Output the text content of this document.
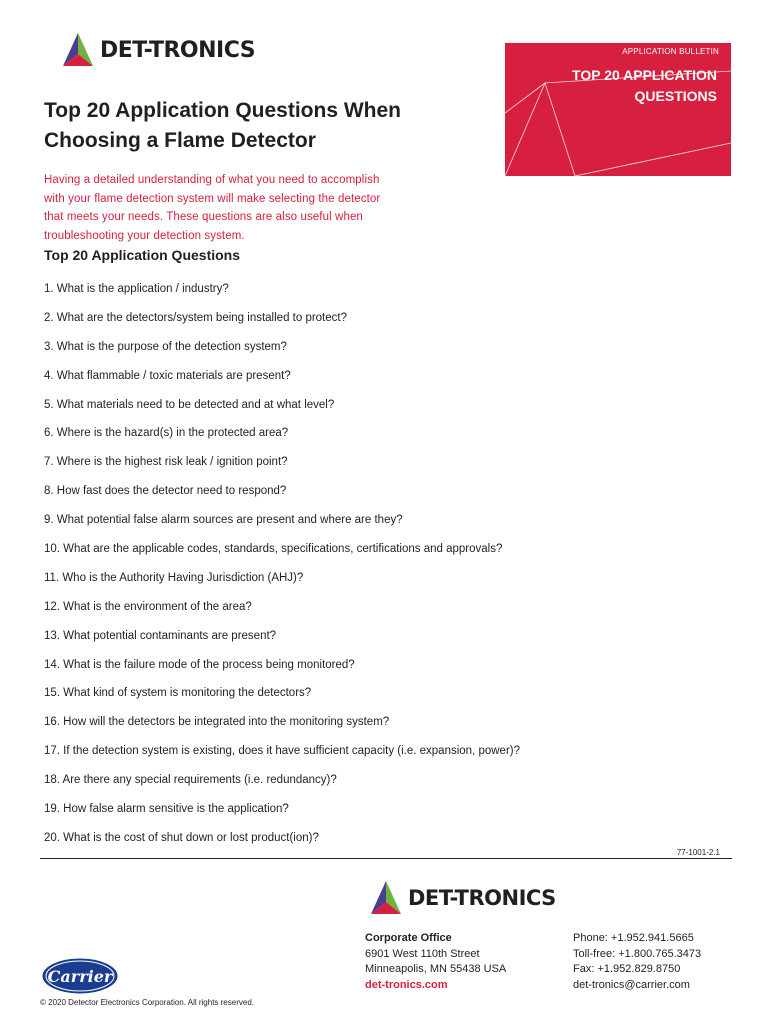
DET-TRONICS	APPLICATION BULLETIN
TOP 20 APPLICATION
QUESTIONS
Top 20 Application Questions When
Choosing a Flame Detector

Having a detailed understanding of what you need to accomplish
with your flame detection system will make selecting the detector
that meets your needs. These questions are also useful when
troubleshooting your detection system.

Top 20 Application Questions
1. What is the application / industry?
2. What are the detectors/system being installed to protect?
3. What is the purpose of the detection system?
4. What flammable / toxic materials are present?
5. What materials need to be detected and at what level?
6. Where is the hazard(s) in the protected area?
7. Where is the highest risk leak / ignition point?
8. How fast does the detector need to respond?
9. What potential false alarm sources are present and where are they?
10. What are the applicable codes, standards, specifications, certifications and approvals?
11. Who is the Authority Having Jurisdiction (AHJ)?
12. What is the environment of the area?
13. What potential contaminants are present?
14. What is the failure mode of the process being monitored?
15. What kind of system is monitoring the detectors?
16. How will the detectors be integrated into the monitoring system?
17. If the detection system is existing, does it have sufficient capacity (i.e. expansion, power)?
18. Are there any special requirements (i.e. redundancy)?
19. How false alarm sensitive is the application?
20. What is the cost of shut down or lost product(ion)?
77-1001-2.1
DET-TRONICS
Carrier
Corporate Office
6901 West 110th Street
Minneapolis, MN 55438 USA
det-tronics.com
Phone: +1.952.941.5665
Toll-free: +1.800.765.3473
Fax: +1.952.829.8750
det-tronics@carrier.com
© 2020 Detector Electronics Corporation. All rights reserved.
